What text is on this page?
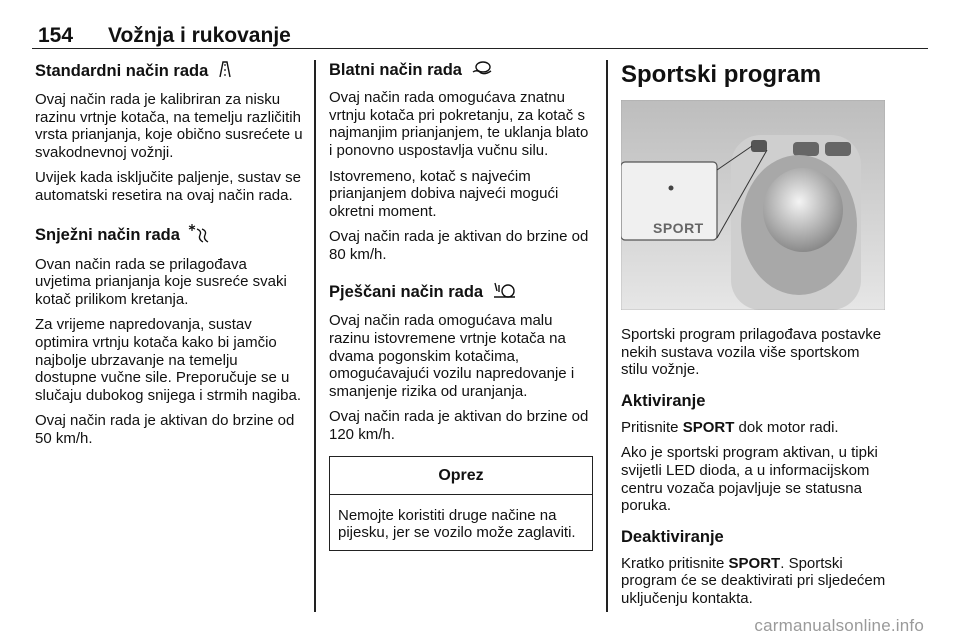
154 Vožnja i rukovanje
Standardni način rada

Ovaj način rada je kalibriran za nisku razinu vrtnje kotača, na temelju različitih vrsta prianjanja, koje obično susrećete u svakodnevnoj vožnji.

Uvijek kada isključite paljenje, sustav se automatski resetira na ovaj način rada.

Snježni način rada

Ovan način rada se prilagođava uvjetima prianjanja koje susreće svaki kotač prilikom kretanja.

Za vrijeme napredovanja, sustav optimira vrtnju kotača kako bi jamčio najbolje ubrzavanje na temelju dostupne vučne sile. Preporučuje se u slučaju dubokog snijega i strmih nagiba.

Ovaj način rada je aktivan do brzine od 50 km/h.

Blatni način rada

Ovaj način rada omogućava znatnu vrtnju kotača pri pokretanju, za kotač s najmanjim prianjanjem, te uklanja blato i ponovno uspostavlja vučnu silu.

Istovremeno, kotač s najvećim prianjanjem dobiva najveći mogući okretni moment.

Ovaj način rada je aktivan do brzine od 80 km/h.

Pješčani način rada

Ovaj način rada omogućava malu razinu istovremene vrtnje kotača na dvama pogonskim kotačima, omogućavajući vozilu napredovanje i smanjenje rizika od uranjanja.

Ovaj način rada je aktivan do brzine od 120 km/h.

Oprez

Nemojte koristiti druge načine na pijesku, jer se vozilo može zaglaviti.

Sportski program
SPORT

Sportski program prilagođava postavke nekih sustava vozila više sportskom stilu vožnje.

Aktiviranje

Pritisnite SPORT dok motor radi.

Ako je sportski program aktivan, u tipki svijetli LED dioda, a u informacijskom centru vozača pojavljuje se statusna poruka.

Deaktiviranje

Kratko pritisnite SPORT. Sportski program će se deaktivirati pri sljedećem uključenju kontakta.

carmanualsonline.info
